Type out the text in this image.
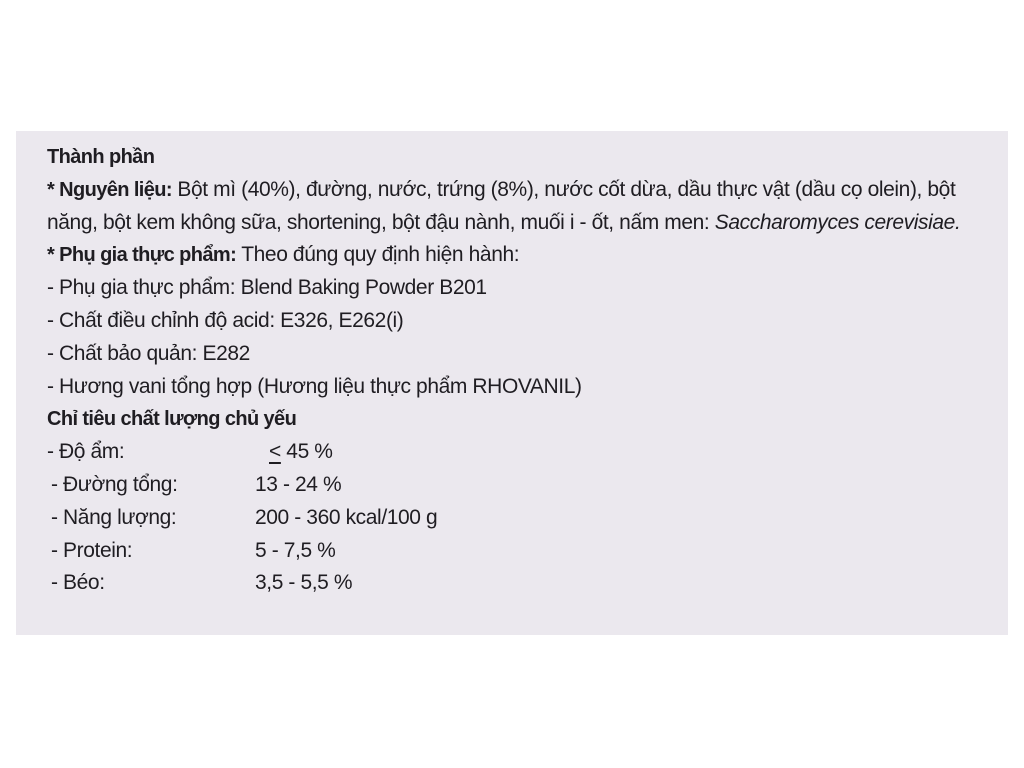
Thành phần
* Nguyên liệu: Bột mì (40%), đường, nước, trứng (8%), nước cốt dừa, dầu thực vật (dầu cọ olein), bột
năng, bột kem không sữa, shortening, bột đậu nành, muối i - ốt, nấm men: Saccharomyces cerevisiae.
* Phụ gia thực phẩm: Theo đúng quy định hiện hành:
- Phụ gia thực phẩm: Blend Baking Powder B201
- Chất điều chỉnh độ acid: E326, E262(i)
- Chất bảo quản: E282
- Hương vani tổng hợp (Hương liệu thực phẩm RHOVANIL)
Chỉ tiêu chất lượng chủ yếu
- Độ ẩm:	< 45 %
- Đường tổng:	13 - 24 %
- Năng lượng:	200 - 360 kcal/100 g
- Protein:	5 - 7,5 %
- Béo:	3,5 - 5,5 %
